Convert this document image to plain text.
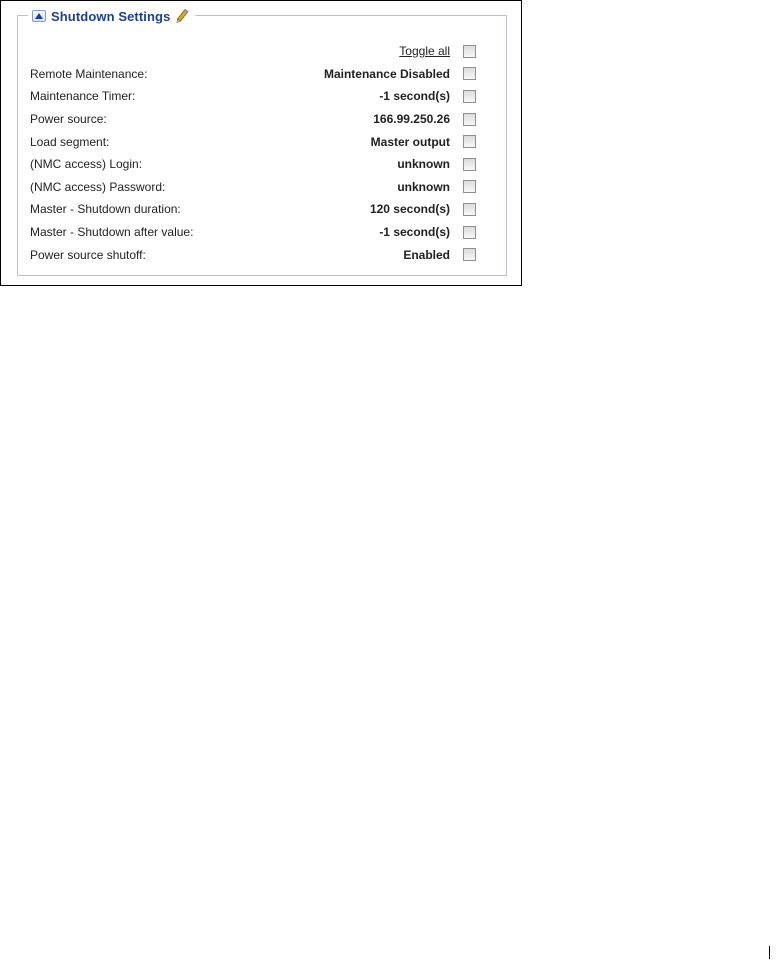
Shutdown Settings
Toggle all
Remote Maintenance:	Maintenance Disabled
Maintenance Timer:	-1 second(s)
Power source:	166.99.250.26
Load segment:	Master output
(NMC access) Login:	unknown
(NMC access) Password:	unknown
Master - Shutdown duration:	120 second(s)
Master - Shutdown after value:	-1 second(s)
Power source shutoff:	Enabled
